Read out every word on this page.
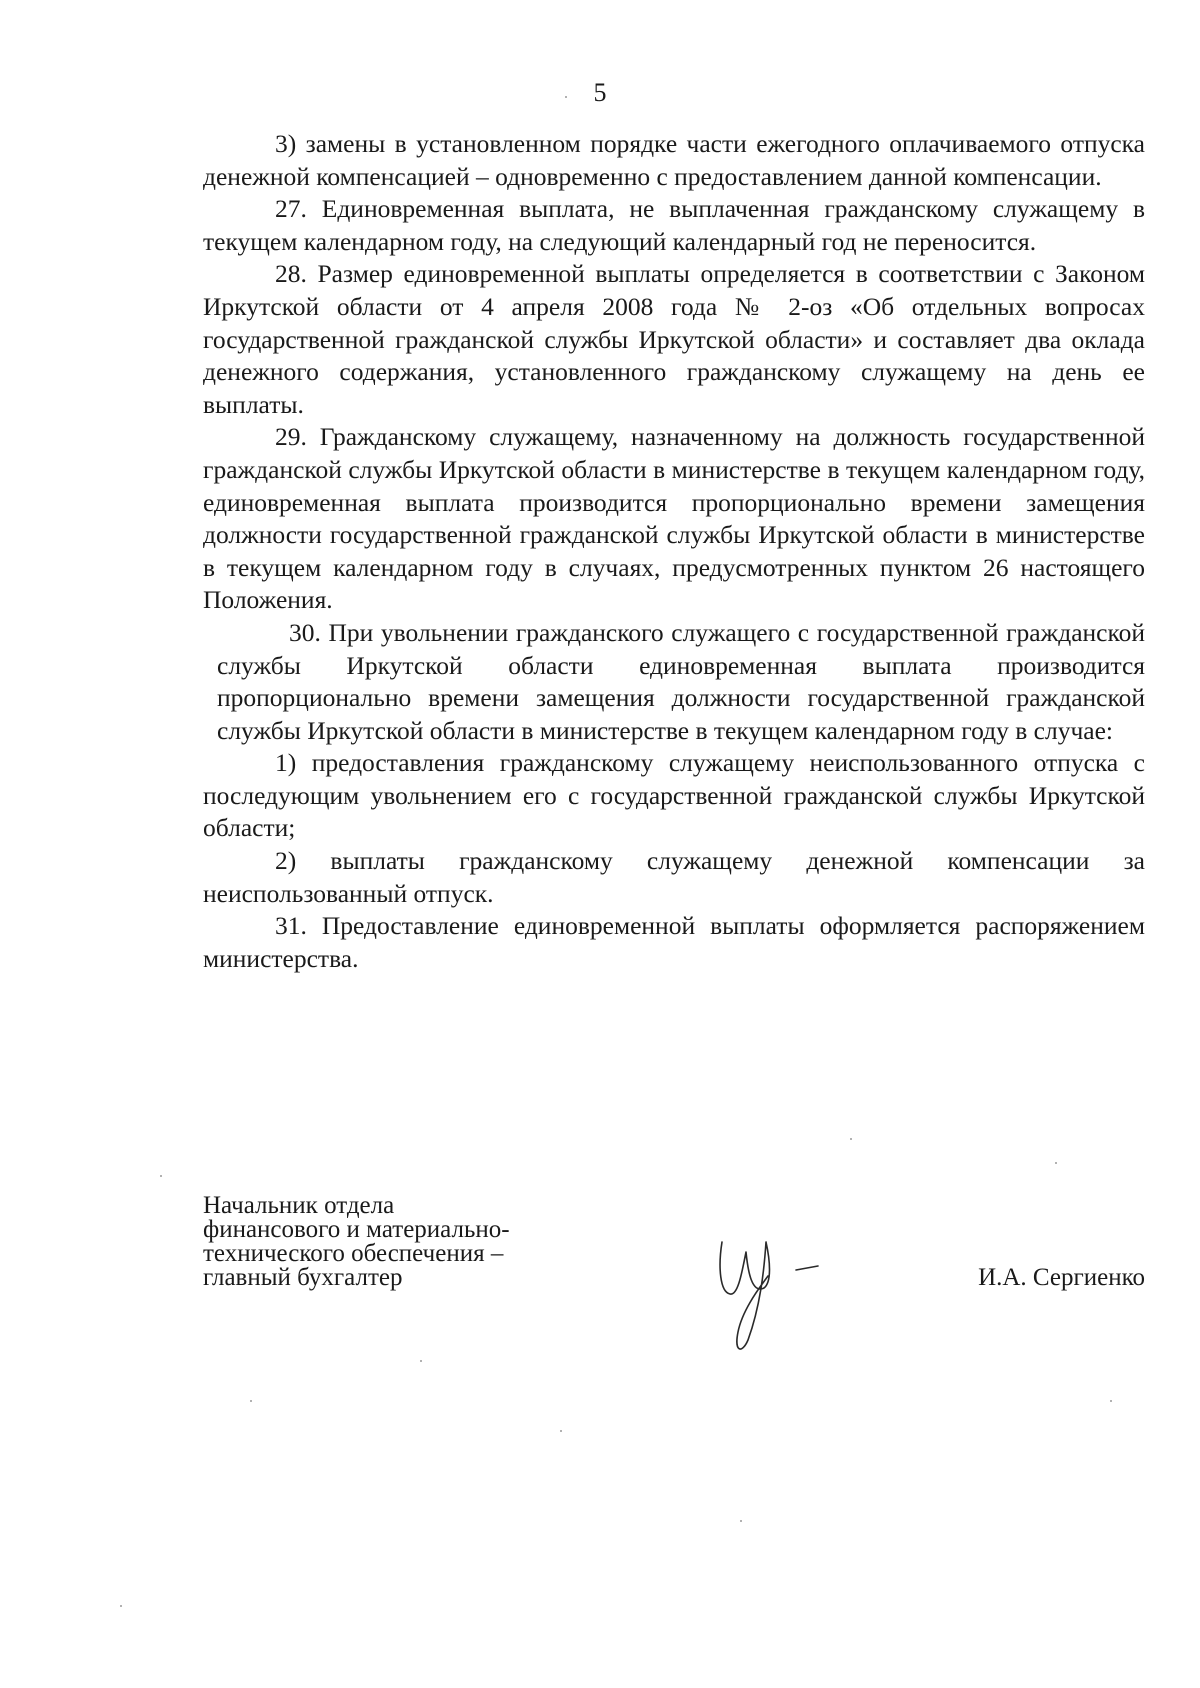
5

3) замены в установленном порядке части ежегодного оплачиваемого отпуска денежной компенсацией – одновременно с предоставлением данной компенсации.

27. Единовременная выплата, не выплаченная гражданскому служащему в текущем календарном году, на следующий календарный год не переносится.

28. Размер единовременной выплаты определяется в соответствии с Законом Иркутской области от 4 апреля 2008 года № 2-оз «Об отдельных вопросах государственной гражданской службы Иркутской области» и составляет два оклада денежного содержания, установленного гражданскому служащему на день ее выплаты.

29. Гражданскому служащему, назначенному на должность государственной гражданской службы Иркутской области в министерстве в текущем календарном году, единовременная выплата производится пропорционально времени замещения должности государственной гражданской службы Иркутской области в министерстве в текущем календарном году в случаях, предусмотренных пунктом 26 настоящего Положения.

30. При увольнении гражданского служащего с государственной гражданской службы Иркутской области единовременная выплата производится пропорционально времени замещения должности государственной гражданской службы Иркутской области в министерстве в текущем календарном году в случае:

1) предоставления гражданскому служащему неиспользованного отпуска с последующим увольнением его с государственной гражданской службы Иркутской области;

2) выплаты гражданскому служащему денежной компенсации за неиспользованный отпуск.

31. Предоставление единовременной выплаты оформляется распоряжением министерства.

Начальник отдела
финансового и материально-
технического обеспечения –
главный бухгалтер	И.А. Сергиенко
